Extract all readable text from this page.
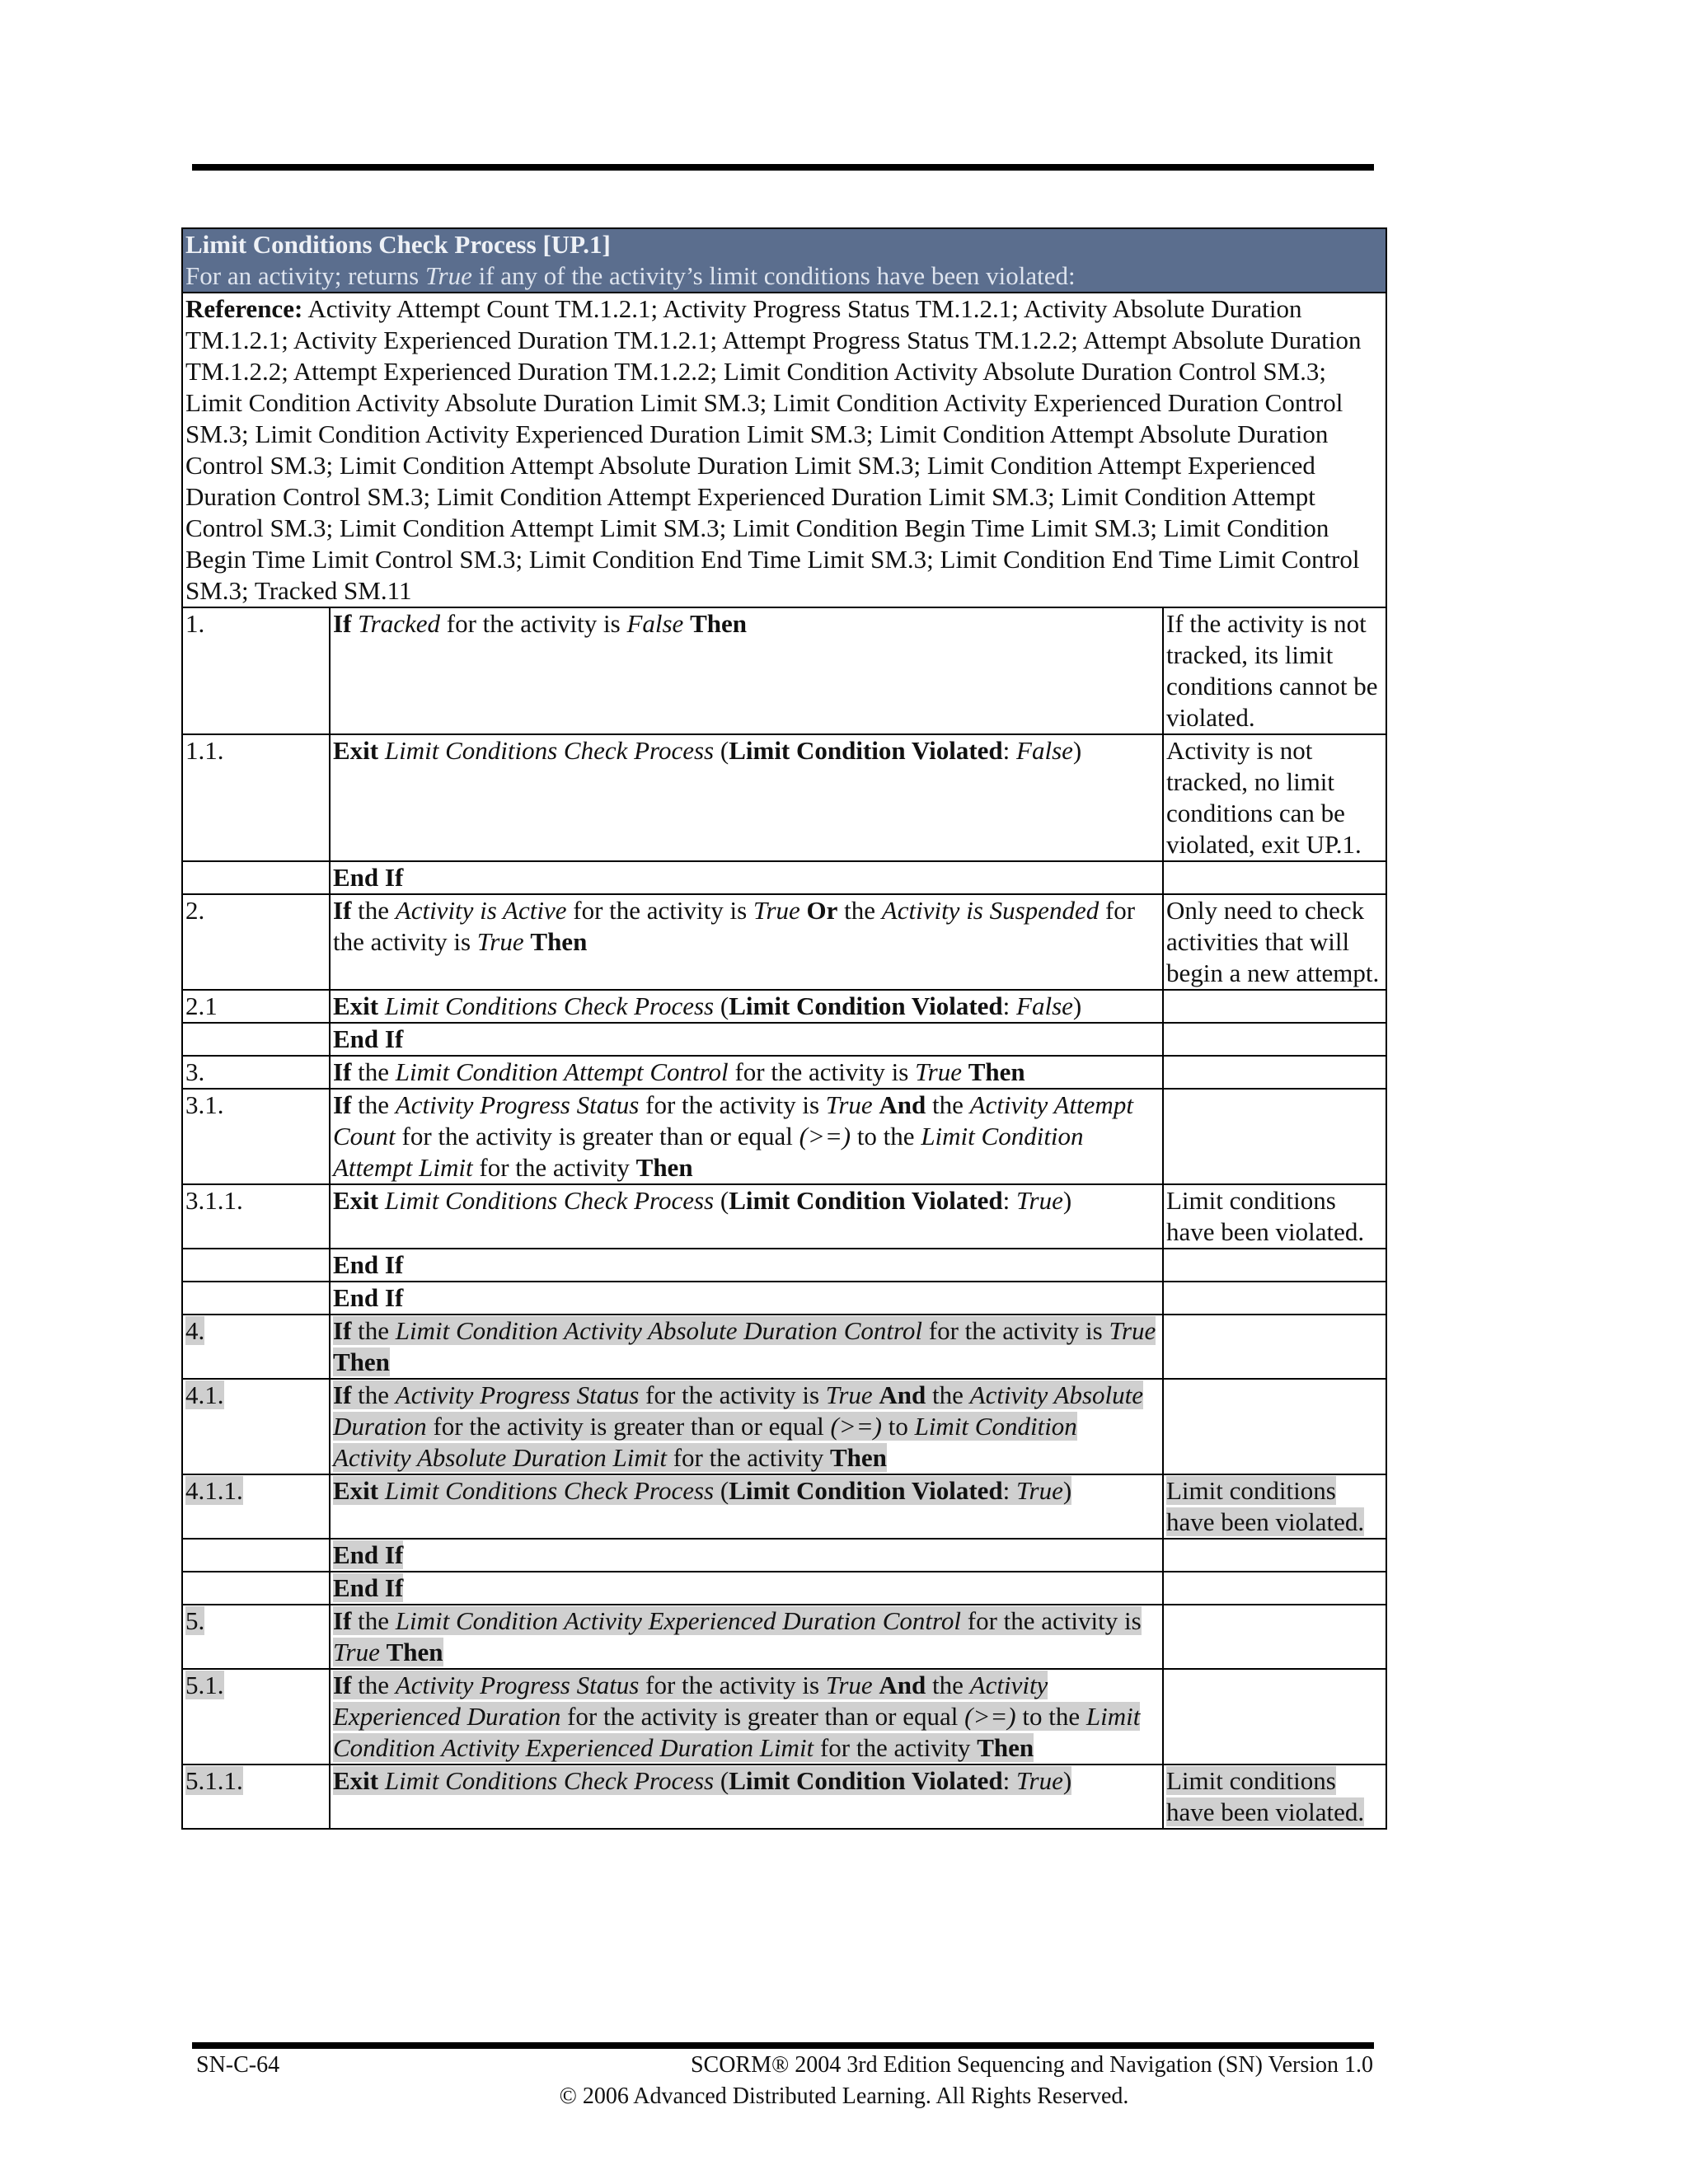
Limit Conditions Check Process [UP.1]
For an activity; returns True if any of the activity’s limit conditions have been violated:		

Reference: Activity Attempt Count TM.1.2.1; Activity Progress Status TM.1.2.1; Activity Absolute Duration TM.1.2.1; Activity Experienced Duration TM.1.2.1; Attempt Progress Status TM.1.2.2; Attempt Absolute Duration TM.1.2.2; Attempt Experienced Duration TM.1.2.2; Limit Condition Activity Absolute Duration Control SM.3; Limit Condition Activity Absolute Duration Limit SM.3; Limit Condition Activity Experienced Duration Control SM.3; Limit Condition Activity Experienced Duration Limit SM.3; Limit Condition Attempt Absolute Duration Control SM.3; Limit Condition Attempt Absolute Duration Limit SM.3; Limit Condition Attempt Experienced Duration Control SM.3; Limit Condition Attempt Experienced Duration Limit SM.3; Limit Condition Attempt Control SM.3; Limit Condition Attempt Limit SM.3; Limit Condition Begin Time Limit SM.3; Limit Condition Begin Time Limit Control SM.3; Limit Condition End Time Limit SM.3; Limit Condition End Time Limit Control SM.3; Tracked SM.11		
1.	If Tracked for the activity is False Then	If the activity is not tracked, its limit conditions cannot be violated.
1.1.	Exit Limit Conditions Check Process (Limit Condition Violated: False)	Activity is not tracked, no limit conditions can be violated, exit UP.1.
	End If	
2.	If the Activity is Active for the activity is True Or the Activity is Suspended for the activity is True Then	Only need to check activities that will begin a new attempt.
2.1	Exit Limit Conditions Check Process (Limit Condition Violated: False)	
	End If	
3.	If the Limit Condition Attempt Control for the activity is True Then	
3.1.	If the Activity Progress Status for the activity is True And the Activity Attempt Count for the activity is greater than or equal (>=) to the Limit Condition Attempt Limit for the activity Then	
3.1.1.	Exit Limit Conditions Check Process (Limit Condition Violated: True)	Limit conditions have been violated.
	End If	
	End If	
4.	If the Limit Condition Activity Absolute Duration Control for the activity is True Then	
4.1.	If the Activity Progress Status for the activity is True And the Activity Absolute Duration for the activity is greater than or equal (>=) to Limit Condition Activity Absolute Duration Limit for the activity Then	
4.1.1.	Exit Limit Conditions Check Process (Limit Condition Violated: True)	Limit conditions have been violated.
	End If	
	End If	
5.	If the Limit Condition Activity Experienced Duration Control for the activity is True Then	
5.1.	If the Activity Progress Status for the activity is True And the Activity Experienced Duration for the activity is greater than or equal (>=) to the Limit Condition Activity Experienced Duration Limit for the activity Then	
5.1.1.	Exit Limit Conditions Check Process (Limit Condition Violated: True)	Limit conditions have been violated.
SN-C-64	SCORM® 2004 3rd Edition Sequencing and Navigation (SN) Version 1.0
© 2006 Advanced Distributed Learning. All Rights Reserved.
